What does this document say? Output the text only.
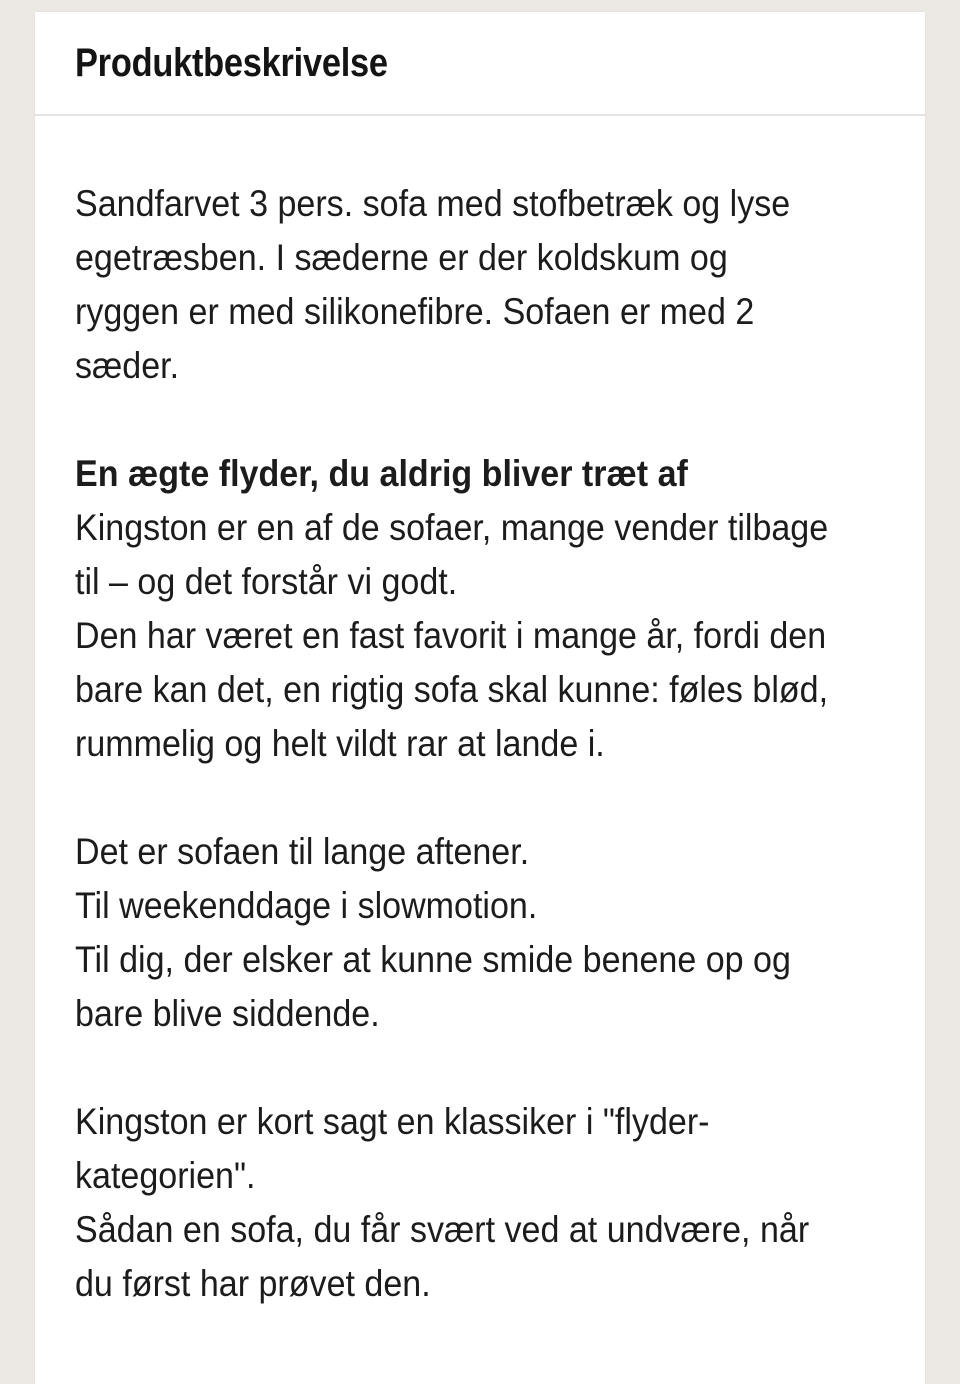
Produktbeskrivelse

Sandfarvet 3 pers. sofa med stofbetræk og lyse
egetræsben. I sæderne er der koldskum og
ryggen er med silikonefibre. Sofaen er med 2
sæder.

En ægte flyder, du aldrig bliver træt af
Kingston er en af de sofaer, mange vender tilbage
til – og det forstår vi godt.
Den har været en fast favorit i mange år, fordi den
bare kan det, en rigtig sofa skal kunne: føles blød,
rummelig og helt vildt rar at lande i.

Det er sofaen til lange aftener.
Til weekenddage i slowmotion.
Til dig, der elsker at kunne smide benene op og
bare blive siddende.

Kingston er kort sagt en klassiker i "flyder-
kategorien".
Sådan en sofa, du får svært ved at undvære, når
du først har prøvet den.
